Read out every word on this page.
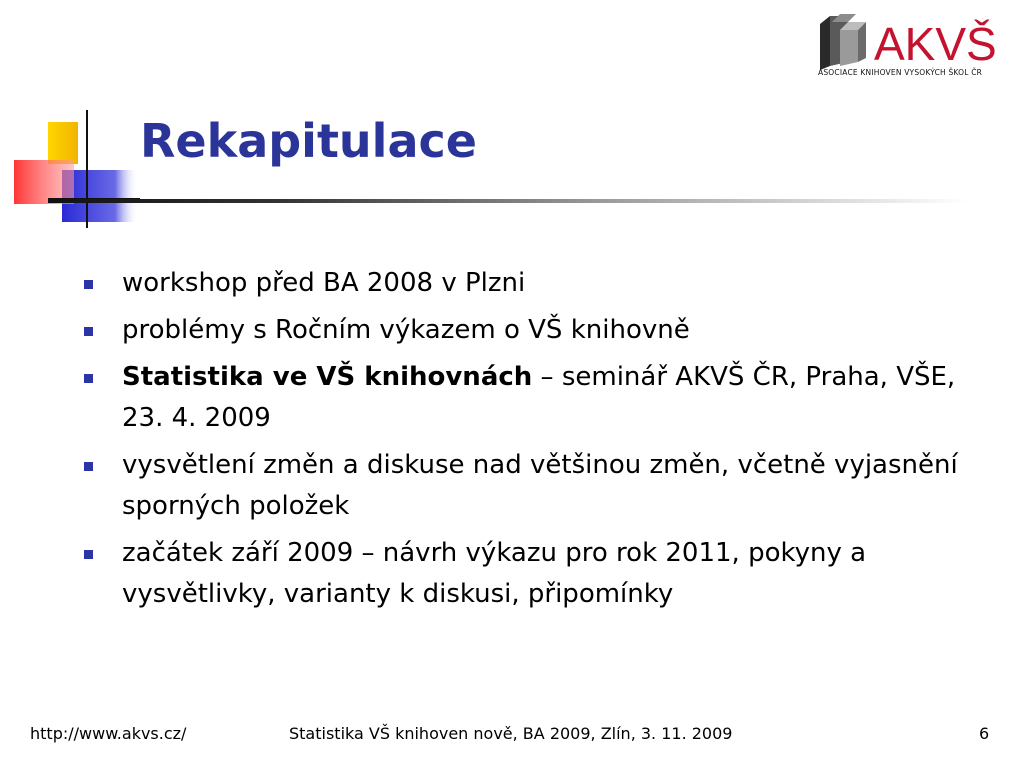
AKVŠ
ASOCIACE KNIHOVEN VYSOKÝCH ŠKOL ČR
Rekapitulace
workshop před BA 2008 v Plzni
problémy s Ročním výkazem o VŠ knihovně
Statistika ve VŠ knihovnách – seminář AKVŠ ČR, Praha, VŠE, 23. 4. 2009
vysvětlení změn a diskuse nad většinou změn, včetně vyjasnění sporných položek
začátek září 2009 – návrh výkazu pro rok 2011, pokyny a vysvětlivky, varianty k diskusi, připomínky
http://www.akvs.cz/	Statistika VŠ knihoven nově, BA 2009, Zlín, 3. 11. 2009	6
